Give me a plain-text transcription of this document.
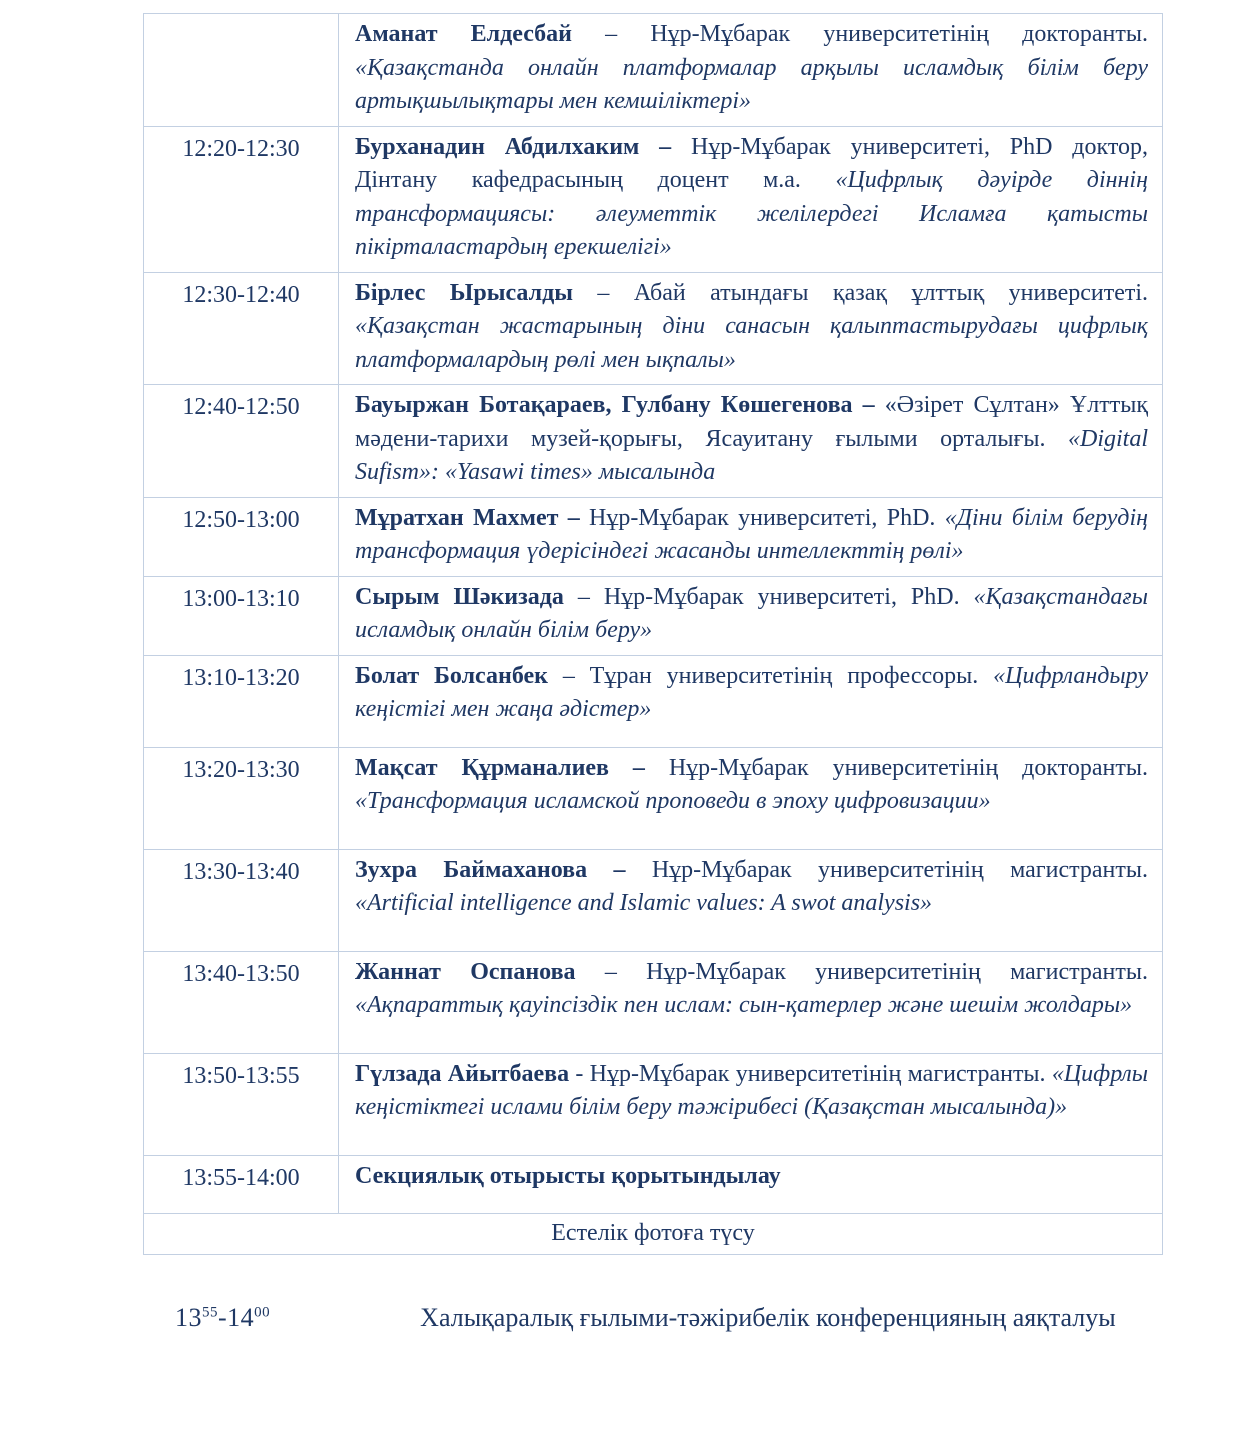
	Аманат Елдесбай – Нұр-Мұбарак университетінің докторанты. «Қазақстанда онлайн платформалар арқылы исламдық білім беру артықшылықтары мен кемшіліктері»
12:20-12:30	Бурханадин Абдилхаким – Нұр-Мұбарак университеті, PhD доктор, Дінтану кафедрасының доцент м.а. «Цифрлық дәуірде діннің трансформациясы: әлеуметтік желілердегі Исламға қатысты пікірталастардың ерекшелігі»
12:30-12:40	Бірлес Ырысалды – Абай атындағы қазақ ұлттық университеті. «Қазақстан жастарының діни санасын қалыптастырудағы цифрлық платформалардың рөлі мен ықпалы»
12:40-12:50	Бауыржан Ботақараев, Гулбану Көшегенова – «Әзірет Сұлтан» Ұлттық мәдени-тарихи музей-қорығы, Ясауитану ғылыми орталығы. «Digital Sufism»: «Yasawi times» мысалында
12:50-13:00	Мұратхан Махмет – Нұр-Мұбарак университеті, PhD. «Діни білім берудің трансформация үдерісіндегі жасанды интеллекттің рөлі»
13:00-13:10	Сырым Шәкизада – Нұр-Мұбарак университеті, PhD. «Қазақстандағы исламдық онлайн білім беру»
13:10-13:20	Болат Болсанбек – Тұран университетінің профессоры. «Цифрландыру кеңістігі мен жаңа әдістер»
13:20-13:30	Мақсат Құрманалиев – Нұр-Мұбарак университетінің докторанты. «Трансформация исламской проповеди в эпоху цифровизации»
13:30-13:40	Зухра Баймаханова – Нұр-Мұбарак университетінің магистранты. «Artificial intelligence and Islamic values: A swot analysis»
13:40-13:50	Жаннат Оспанова – Нұр-Мұбарак университетінің магистранты. «Ақпараттық қауіпсіздік пен ислам: сын-қатерлер және шешім жолдары»
13:50-13:55	Гүлзада Айытбаева - Нұр-Мұбарак университетінің магистранты. «Цифрлы кеңістіктегі ислами білім беру тәжірибесі (Қазақстан мысалында)»
13:55-14:00	Секциялық отырысты қорытындылау
Естелік фотоға түсу	
$13^{55}-14^{00}$	Халықаралық ғылыми-тәжірибелік конференцияның аяқталуы
